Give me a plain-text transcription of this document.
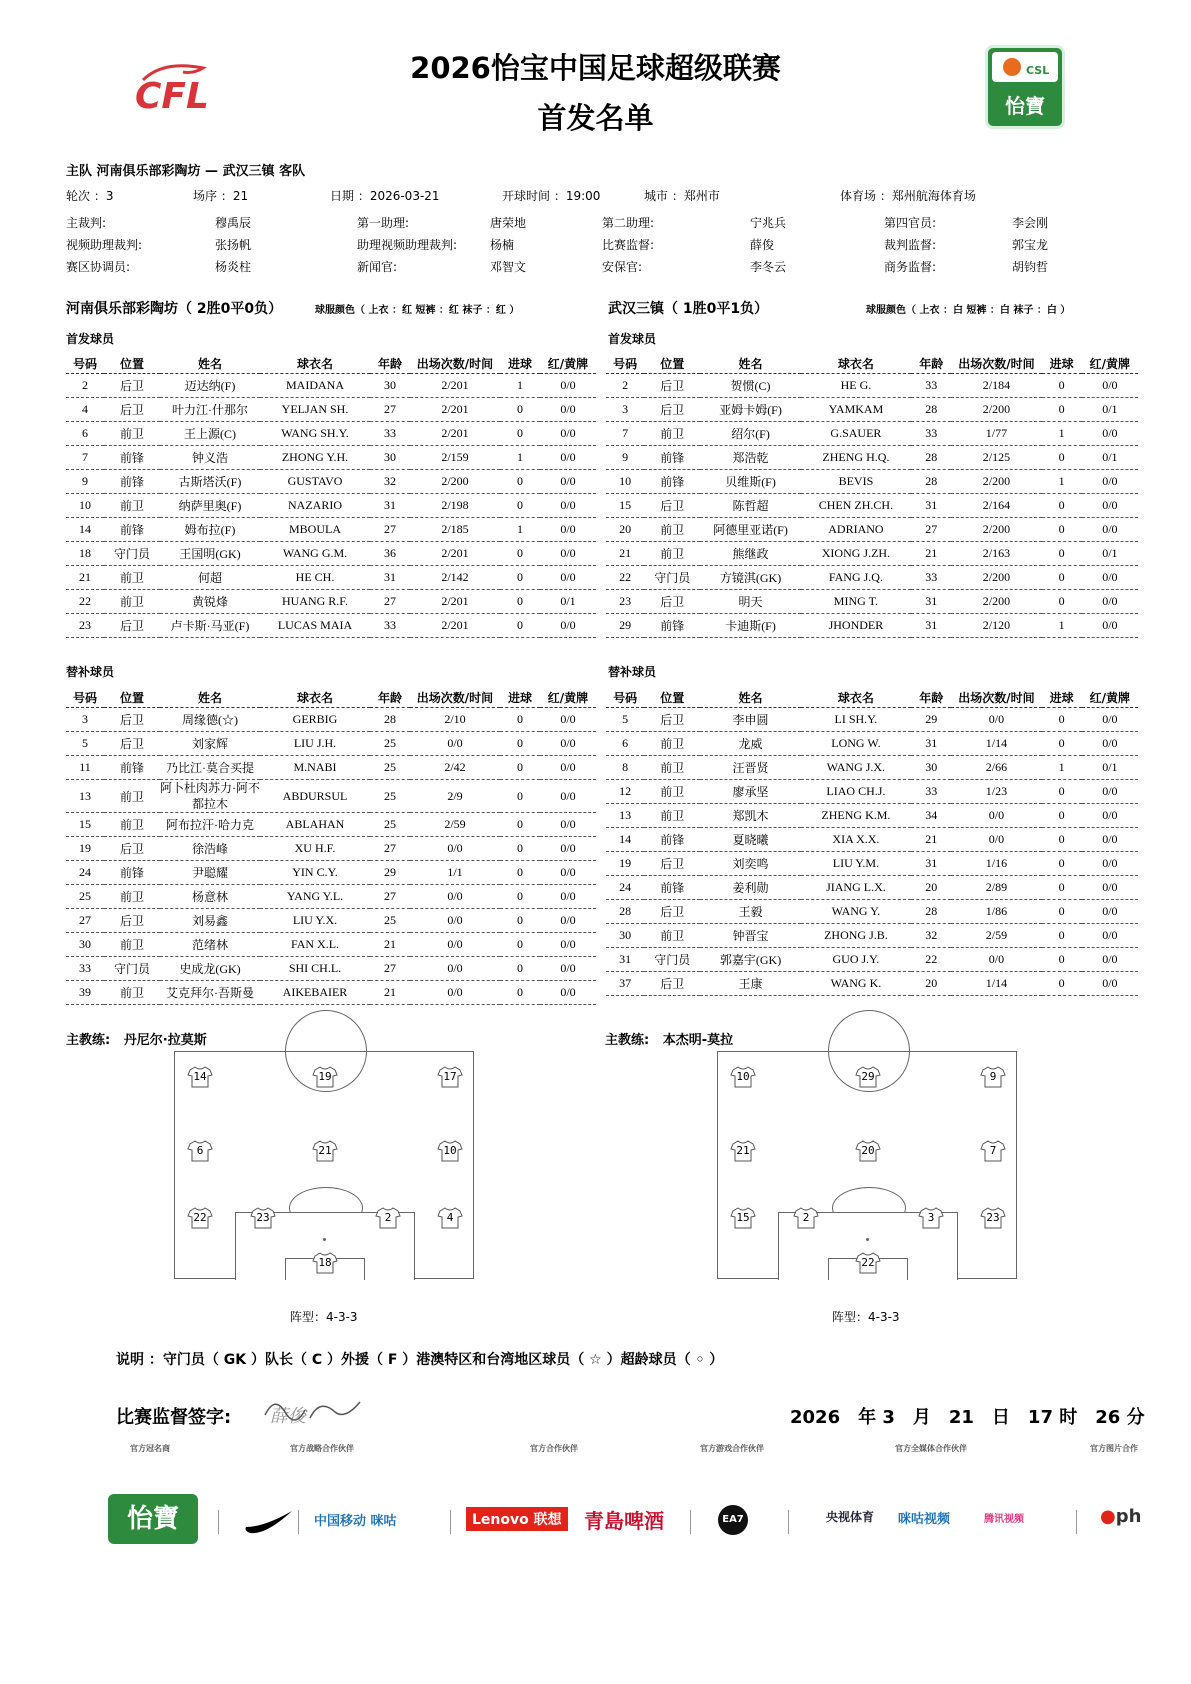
2026怡宝中国足球超级联赛
首发名单
CFL
CSL
怡寶
主队 河南俱乐部彩陶坊 — 武汉三镇 客队
轮次 ：3	场序 ：21	日期 ：2026-03-21	开球时间 ：19:00	城市 ：郑州市	体育场 ：郑州航海体育场
主裁判:	穆禹辰	第一助理:	唐荣地	第二助理:	宁兆兵	第四官员:	李会刚
视频助理裁判:	张扬帆	助理视频助理裁判:	杨楠	比赛监督:	薛俊	裁判监督:	郭宝龙
赛区协调员:	杨炎柱	新闻官:	邓智文	安保官:	李冬云	商务监督:	胡钧哲
河南俱乐部彩陶坊（ 2胜0平0负）	球服颜色（ 上衣 ：红 短裤 ：红 袜子 ：红 ）	武汉三镇（ 1胜0平1负）	球服颜色（ 上衣 ：白 短裤 ：白 袜子 ：白 ）
首发球员	首发球员
替补球员	替补球员
号码	位置	姓名	球衣名	年龄	出场次数/时间	进球	红/黄牌
2	后卫	迈达纳(F)	MAIDANA	30	2/201	1	0/0
4	后卫	叶力江·什那尔	YELJAN SH.	27	2/201	0	0/0
6	前卫	王上源(C)	WANG SH.Y.	33	2/201	0	0/0
7	前锋	钟义浩	ZHONG Y.H.	30	2/159	1	0/0
9	前锋	古斯塔沃(F)	GUSTAVO	32	2/200	0	0/0
10	前卫	纳萨里奥(F)	NAZARIO	31	2/198	0	0/0
14	前锋	姆布拉(F)	MBOULA	27	2/185	1	0/0
18	守门员	王国明(GK)	WANG G.M.	36	2/201	0	0/0
21	前卫	何超	HE CH.	31	2/142	0	0/0
22	前卫	黄锐烽	HUANG R.F.	27	2/201	0	0/1
23	后卫	卢卡斯·马亚(F)	LUCAS MAIA	33	2/201	0	0/0
号码	位置	姓名	球衣名	年龄	出场次数/时间	进球	红/黄牌
2	后卫	贺惯(C)	HE G.	33	2/184	0	0/0
3	后卫	亚姆卡姆(F)	YAMKAM	28	2/200	0	0/1
7	前卫	绍尔(F)	G.SAUER	33	1/77	1	0/0
9	前锋	郑浩乾	ZHENG H.Q.	28	2/125	0	0/1
10	前锋	贝维斯(F)	BEVIS	28	2/200	1	0/0
15	后卫	陈哲超	CHEN ZH.CH.	31	2/164	0	0/0
20	前卫	阿德里亚诺(F)	ADRIANO	27	2/200	0	0/0
21	前卫	熊继政	XIONG J.ZH.	21	2/163	0	0/1
22	守门员	方镜淇(GK)	FANG J.Q.	33	2/200	0	0/0
23	后卫	明天	MING T.	31	2/200	0	0/0
29	前锋	卡迪斯(F)	JHONDER	31	2/120	1	0/0
号码	位置	姓名	球衣名	年龄	出场次数/时间	进球	红/黄牌
3	后卫	周缘德(☆)	GERBIG	28	2/10	0	0/0
5	后卫	刘家辉	LIU J.H.	25	0/0	0	0/0
11	前锋	乃比江·莫合买提	M.NABI	25	2/42	0	0/0
13	前卫	阿卜杜肉苏力·阿不都拉木	ABDURSUL	25	2/9	0	0/0
15	前卫	阿布拉汗·哈力克	ABLAHAN	25	2/59	0	0/0
19	后卫	徐浩峰	XU H.F.	27	0/0	0	0/0
24	前锋	尹聪耀	YIN C.Y.	29	1/1	0	0/0
25	前卫	杨意林	YANG Y.L.	27	0/0	0	0/0
27	后卫	刘易鑫	LIU Y.X.	25	0/0	0	0/0
30	前卫	范绪林	FAN X.L.	21	0/0	0	0/0
33	守门员	史成龙(GK)	SHI CH.L.	27	0/0	0	0/0
39	前卫	艾克拜尔·吾斯曼	AIKEBAIER	21	0/0	0	0/0
号码	位置	姓名	球衣名	年龄	出场次数/时间	进球	红/黄牌
5	后卫	李申圆	LI SH.Y.	29	0/0	0	0/0
6	前卫	龙威	LONG W.	31	1/14	0	0/0
8	前卫	汪晋贤	WANG J.X.	30	2/66	1	0/1
12	前卫	廖承坚	LIAO CH.J.	33	1/23	0	0/0
13	前卫	郑凯木	ZHENG K.M.	34	0/0	0	0/0
14	前锋	夏晓曦	XIA X.X.	21	0/0	0	0/0
19	后卫	刘奕鸣	LIU Y.M.	31	1/16	0	0/0
24	前锋	姜利勋	JIANG L.X.	20	2/89	0	0/0
28	后卫	王毅	WANG Y.	28	1/86	0	0/0
30	前卫	钟晋宝	ZHONG J.B.	32	2/59	0	0/0
31	守门员	郭嘉宇(GK)	GUO J.Y.	22	0/0	0	0/0
37	后卫	王康	WANG K.	20	1/14	0	0/0
主教练: 丹尼尔·拉莫斯	主教练: 本杰明-莫拉
14	19	17
6	21	10
22	23	2	4
18
10	29	9
21	20	7
15	2	3	23
22
阵型：4-3-3	阵型：4-3-3
说明 ：守门员（ GK ）队长（ C ）外援（ F ）港澳特区和台湾地区球员（ ☆ ）超龄球员（ ◦ ）
比赛监督签字: 薛俊	2026　年 3　月　21　日　17 时　26 分
官方冠名商	官方战略合作伙伴	官方合作伙伴	官方游戏合作伙伴	官方全媒体合作伙伴	官方图片合作
怡寶	中国移动 咪咕	Lenovo 联想	青島啤酒	EA7	央视体育 咪咕视频	腾讯视频	●ph
